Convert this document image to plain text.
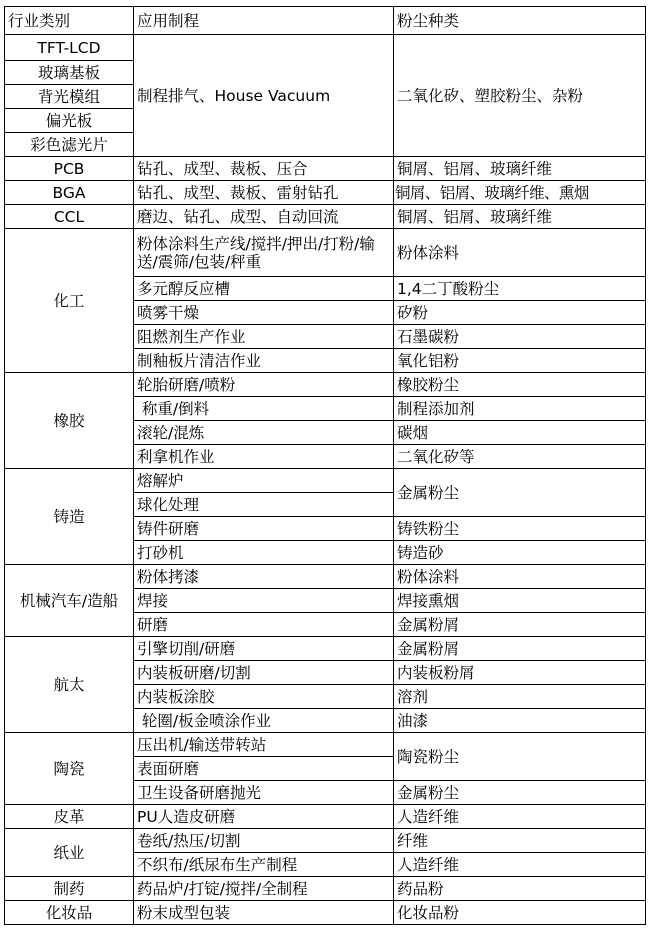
行业类别	应用制程	粉尘种类
TFT-LCD	制程排气、House Vacuum	二氧化矽、塑胶粉尘、杂粉
玻璃基板		
背光模组		
偏光板		
彩色滤光片		
PCB	钻孔、成型、裁板、压合	铜屑、铝屑、玻璃纤维
BGA	钻孔、成型、裁板、雷射钻孔	铜屑、铝屑、玻璃纤维、熏烟
CCL	磨边、钻孔、成型、自动回流	铜屑、铝屑、玻璃纤维
化工	粉体涂料生产线/搅拌/押出/打粉/输送/震筛/包装/秤重	粉体涂料
	多元醇反应槽	1,4二丁酸粉尘
	喷雾干燥	矽粉
	阻燃剂生产作业	石墨碳粉
	制釉板片清洁作业	氧化铝粉
橡胶	轮胎研磨/喷粉	橡胶粉尘
	称重/倒料	制程添加剂
	滚轮/混炼	碳烟
	利拿机作业	二氧化矽等
铸造	熔解炉	金属粉尘
	球化处理	
	铸件研磨	铸铁粉尘
	打砂机	铸造砂
机械汽车/造船	粉体拷漆	粉体涂料
	焊接	焊接熏烟
	研磨	金属粉屑
航太	引擎切削/研磨	金属粉屑
	内装板研磨/切割	内装板粉屑
	内装板涂胶	溶剂
	轮圈/板金喷涂作业	油漆
陶瓷	压出机/输送带转站	陶瓷粉尘
	表面研磨	
	卫生设备研磨抛光	金属粉尘
皮革	PU人造皮研磨	人造纤维
纸业	卷纸/热压/切割	纤维
	不织布/纸尿布生产制程	人造纤维
制药	药品炉/打锭/搅拌/全制程	药品粉
化妆品	粉末成型包装	化妆品粉
